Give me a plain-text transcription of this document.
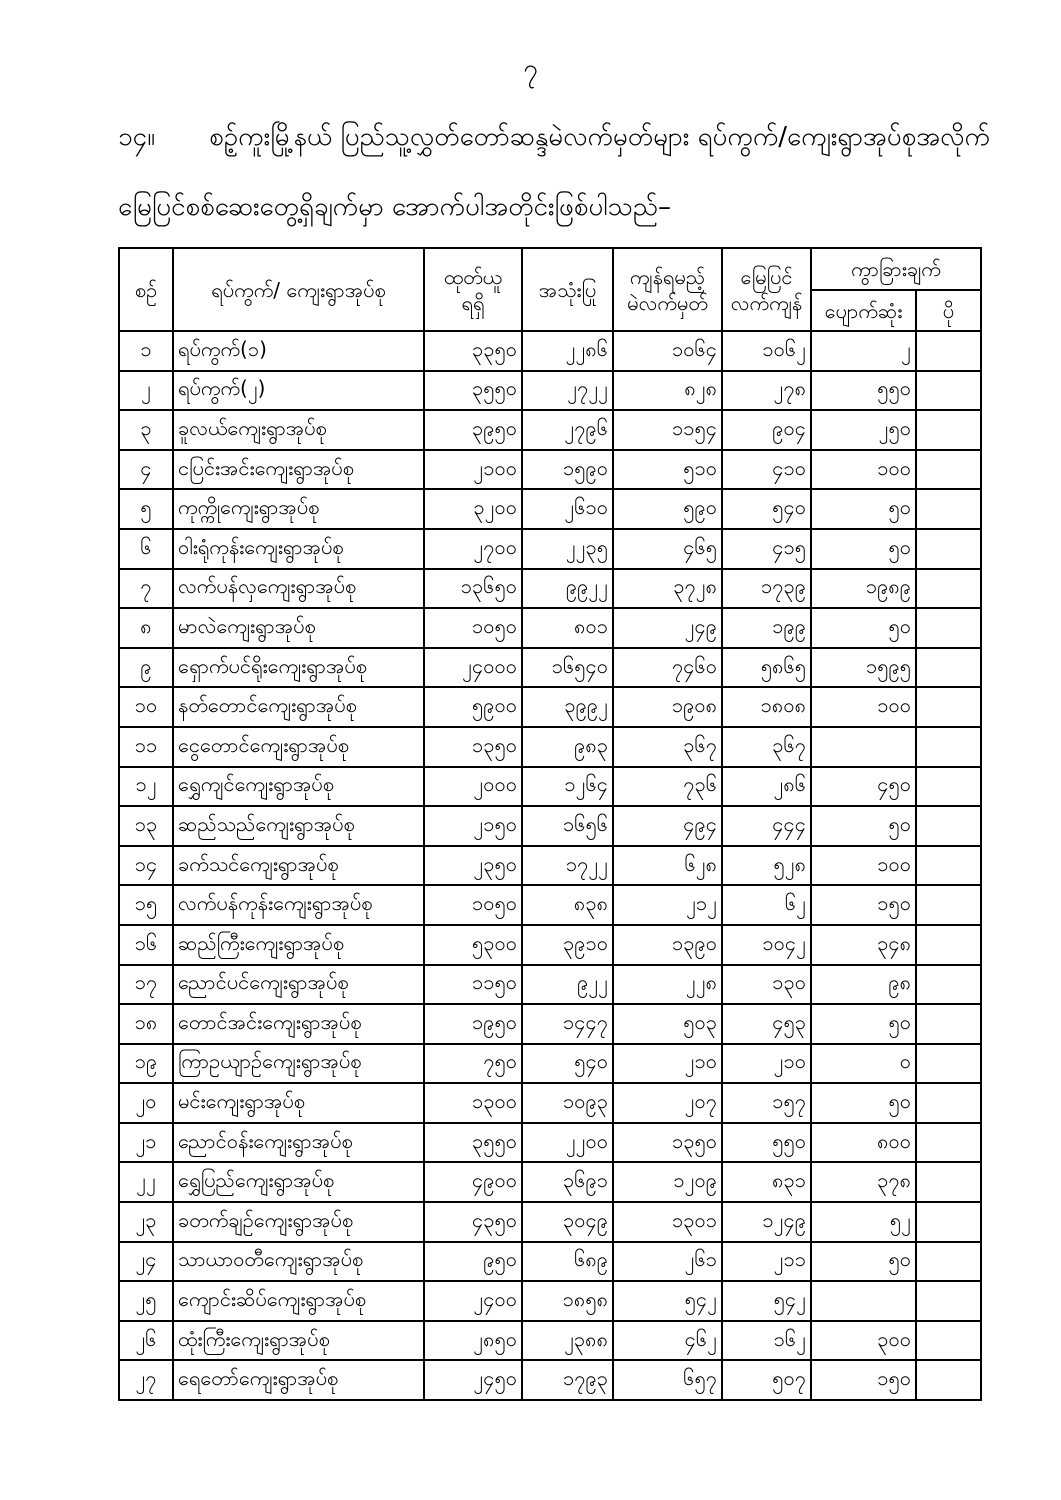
၇
၁၄။ စဉ့်ကူးမြို့နယ် ပြည်သူ့လွှတ်တော်ဆန္ဒမဲလက်မှတ်များ ရပ်ကွက်/ကျေးရွာအုပ်စုအလိုက်
မြေပြင်စစ်ဆေးတွေ့ရှိချက်မှာ အောက်ပါအတိုင်းဖြစ်ပါသည်–
စဉ်	ရပ်ကွက်/ ကျေးရွာအုပ်စု	
ထုတ်ယူ
ရရှိ
	အသုံးပြု	
ကျန်ရမည့်
မဲလက်မှတ်

မြေပြင်
လက်ကျန်
	ကွာခြားချက်
						ပျောက်ဆုံး	ပို
၁	ရပ်ကွက်(၁)	၃၃၅၀	၂၂၈၆	၁၀၆၄	၁၀၆၂	၂	
၂	ရပ်ကွက်(၂)	၃၅၅၀	၂၇၂၂	၈၂၈	၂၇၈	၅၅၀	
၃	ခူလယ်ကျေးရွာအုပ်စု	၃၉၅၀	၂၇၉၆	၁၁၅၄	၉၀၄	၂၅၀	
၄	ငပြင်းအင်းကျေးရွာအုပ်စု	၂၁၀၀	၁၅၉၀	၅၁၀	၄၁၀	၁၀၀	
၅	ကုက္ကိုကျေးရွာအုပ်စု	၃၂၀၀	၂၆၁၀	၅၉၀	၅၄၀	၅၀	
၆	ဝါးရုံကုန်းကျေးရွာအုပ်စု	၂၇၀၀	၂၂၃၅	၄၆၅	၄၁၅	၅၀	
၇	လက်ပန်လှကျေးရွာအုပ်စု	၁၃၆၅၀	၉၉၂၂	၃၇၂၈	၁၇၃၉	၁၉၈၉	
၈	မာလဲကျေးရွာအုပ်စု	၁၀၅၀	၈၀၁	၂၄၉	၁၉၉	၅၀	
၉	ရှောက်ပင်ရိုးကျေးရွာအုပ်စု	၂၄၀၀၀	၁၆၅၄၀	၇၄၆၀	၅၈၆၅	၁၅၉၅	
၁၀	နတ်တောင်ကျေးရွာအုပ်စု	၅၉၀၀	၃၉၉၂	၁၉၀၈	၁၈၀၈	၁၀၀	
၁၁	ငွေတောင်ကျေးရွာအုပ်စု	၁၃၅၀	၉၈၃	၃၆၇	၃၆၇		
၁၂	ရွှေကျင်ကျေးရွာအုပ်စု	၂၀၀၀	၁၂၆၄	၇၃၆	၂၈၆	၄၅၀	
၁၃	ဆည်သည်ကျေးရွာအုပ်စု	၂၁၅၀	၁၆၅၆	၄၉၄	၄၄၄	၅၀	
၁၄	ခက်သင်ကျေးရွာအုပ်စု	၂၃၅၀	၁၇၂၂	၆၂၈	၅၂၈	၁၀၀	
၁၅	လက်ပန်ကုန်းကျေးရွာအုပ်စု	၁၀၅၀	၈၃၈	၂၁၂	၆၂	၁၅၀	
၁၆	ဆည်ကြီးကျေးရွာအုပ်စု	၅၃၀၀	၃၉၁၀	၁၃၉၀	၁၀၄၂	၃၄၈	
၁၇	ညောင်ပင်ကျေးရွာအုပ်စု	၁၁၅၀	၉၂၂	၂၂၈	၁၃၀	၉၈	
၁၈	တောင်အင်းကျေးရွာအုပ်စု	၁၉၅၀	၁၄၄၇	၅၀၃	၄၅၃	၅၀	
၁၉	ကြာဥယျာဉ်ကျေးရွာအုပ်စု	၇၅၀	၅၄၀	၂၁၀	၂၁၀	၀	
၂၀	မင်းကျေးရွာအုပ်စု	၁၃၀၀	၁၀၉၃	၂၀၇	၁၅၇	၅၀	
၂၁	ညောင်ဝန်းကျေးရွာအုပ်စု	၃၅၅၀	၂၂၀၀	၁၃၅၀	၅၅၀	၈၀၀	
၂၂	ရွှေပြည်ကျေးရွာအုပ်စု	၄၉၀၀	၃၆၉၁	၁၂၀၉	၈၃၁	၃၇၈	
၂၃	ခတက်ချဉ်ကျေးရွာအုပ်စု	၄၃၅၀	၃၀၄၉	၁၃၀၁	၁၂၄၉	၅၂	
၂၄	သာယာဝတီကျေးရွာအုပ်စု	၉၅၀	၆၈၉	၂၆၁	၂၁၁	၅၀	
၂၅	ကျောင်းဆိပ်ကျေးရွာအုပ်စု	၂၄၀၀	၁၈၅၈	၅၄၂	၅၄၂		
၂၆	ထုံးကြီးကျေးရွာအုပ်စု	၂၈၅၀	၂၃၈၈	၄၆၂	၁၆၂	၃၀၀	
၂၇	ရေတော်ကျေးရွာအုပ်စု	၂၄၅၀	၁၇၉၃	၆၅၇	၅၀၇	၁၅၀	
